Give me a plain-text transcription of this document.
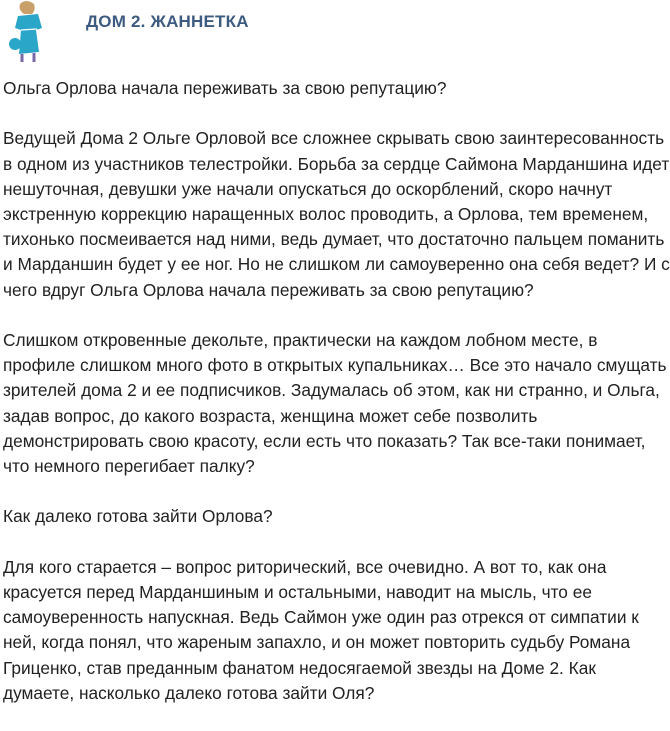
ДОМ 2. ЖАННЕТКА
Ольга Орлова начала переживать за свою репутацию?
Ведущей Дома 2 Ольге Орловой все сложнее скрывать свою заинтересованность
в одном из участников телестройки. Борьба за сердце Саймона Марданшина идет
нешуточная, девушки уже начали опускаться до оскорблений, скоро начнут
экстренную коррекцию наращенных волос проводить, а Орлова, тем временем,
тихонько посмеивается над ними, ведь думает, что достаточно пальцем поманить
и Марданшин будет у ее ног. Но не слишком ли самоуверенно она себя ведет? И с
чего вдруг Ольга Орлова начала переживать за свою репутацию?
Слишком откровенные декольте, практически на каждом лобном месте, в
профиле слишком много фото в открытых купальниках… Все это начало смущать
зрителей дома 2 и ее подписчиков. Задумалась об этом, как ни странно, и Ольга,
задав вопрос, до какого возраста, женщина может себе позволить
демонстрировать свою красоту, если есть что показать? Так все-таки понимает,
что немного перегибает палку?
Как далеко готова зайти Орлова?
Для кого старается – вопрос риторический, все очевидно. А вот то, как она
красуется перед Марданшиным и остальными, наводит на мысль, что ее
самоуверенность напускная. Ведь Саймон уже один раз отрекся от симпатии к
ней, когда понял, что жареным запахло, и он может повторить судьбу Романа
Гриценко, став преданным фанатом недосягаемой звезды на Доме 2. Как
думаете, насколько далеко готова зайти Оля?
